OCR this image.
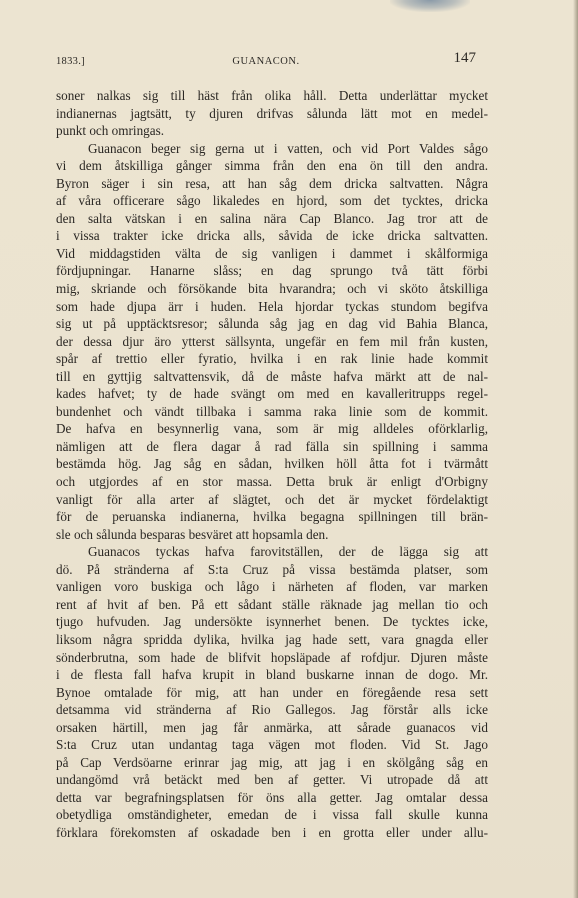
1833.]	GUANACON.	147
soner nalkas sig till häst från olika håll. Detta underlättar mycket
indianernas jagtsätt, ty djuren drifvas sålunda lätt mot en medel-
punkt och omringas.
Guanacon beger sig gerna ut i vatten, och vid Port Valdes sågo
vi dem åtskilliga gånger simma från den ena ön till den andra.
Byron säger i sin resa, att han såg dem dricka saltvatten. Några
af våra officerare sågo likaledes en hjord, som det tycktes, dricka
den salta vätskan i en salina nära Cap Blanco. Jag tror att de
i vissa trakter icke dricka alls, såvida de icke dricka saltvatten.
Vid middagstiden välta de sig vanligen i dammet i skålformiga
fördjupningar. Hanarne slåss; en dag sprungo två tätt förbi
mig, skriande och försökande bita hvarandra; och vi sköto åtskilliga
som hade djupa ärr i huden. Hela hjordar tyckas stundom begifva
sig ut på upptäcktsresor; sålunda såg jag en dag vid Bahia Blanca,
der dessa djur äro ytterst sällsynta, ungefär en fem mil från kusten,
spår af trettio eller fyratio, hvilka i en rak linie hade kommit
till en gyttjig saltvattensvik, då de måste hafva märkt att de nal-
kades hafvet; ty de hade svängt om med en kavalleritrupps regel-
bundenhet och vändt tillbaka i samma raka linie som de kommit.
De hafva en besynnerlig vana, som är mig alldeles oförklarlig,
nämligen att de flera dagar å rad fälla sin spillning i samma
bestämda hög. Jag såg en sådan, hvilken höll åtta fot i tvärmått
och utgjordes af en stor massa. Detta bruk är enligt d'Orbigny
vanligt för alla arter af slägtet, och det är mycket fördelaktigt
för de peruanska indianerna, hvilka begagna spillningen till brän-
sle och sålunda besparas besväret att hopsamla den.
Guanacos tyckas hafva farovitställen, der de lägga sig att
dö. På stränderna af S:ta Cruz på vissa bestämda platser, som
vanligen voro buskiga och lågo i närheten af floden, var marken
rent af hvit af ben. På ett sådant ställe räknade jag mellan tio och
tjugo hufvuden. Jag undersökte isynnerhet benen. De tycktes icke,
liksom några spridda dylika, hvilka jag hade sett, vara gnagda eller
sönderbrutna, som hade de blifvit hopsläpade af rofdjur. Djuren måste
i de flesta fall hafva krupit in bland buskarne innan de dogo. Mr.
Bynoe omtalade för mig, att han under en föregående resa sett
detsamma vid stränderna af Rio Gallegos. Jag förstår alls icke
orsaken härtill, men jag får anmärka, att sårade guanacos vid
S:ta Cruz utan undantag taga vägen mot floden. Vid St. Jago
på Cap Verdsöarne erinrar jag mig, att jag i en skölgång såg en
undangömd vrå betäckt med ben af getter. Vi utropade då att
detta var begrafningsplatsen för öns alla getter. Jag omtalar dessa
obetydliga omständigheter, emedan de i vissa fall skulle kunna
förklara förekomsten af oskadade ben i en grotta eller under allu-
